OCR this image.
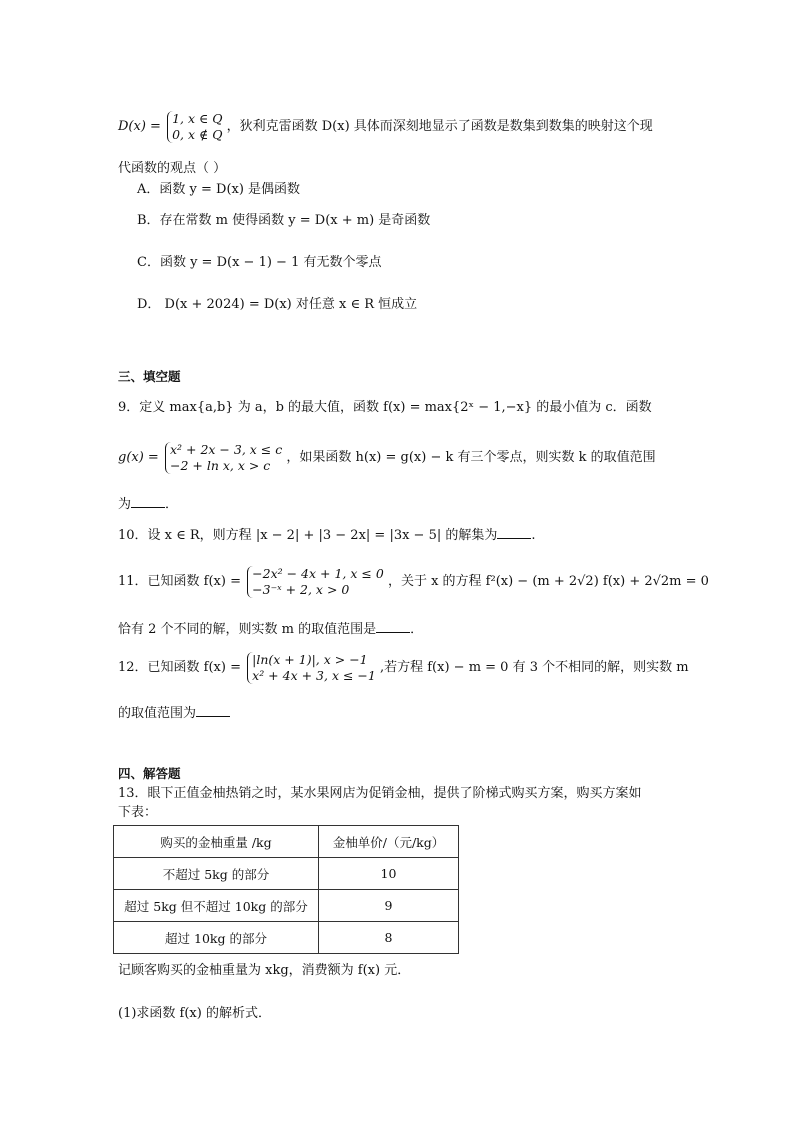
D(x) =
1, x ∈ Q
0, x ∉ Q ，狄利克雷函数 D(x) 具体而深刻地显示了函数是数集到数集的映射这个现
代函数的观点（ ）
A．函数 y = D(x) 是偶函数
B．存在常数 m 使得函数 y = D(x + m) 是奇函数
C．函数 y = D(x − 1) − 1 有无数个零点
D． D(x + 2024) = D(x) 对任意 x ∈ R 恒成立
三、填空题
9．定义 max{a,b} 为 a，b 的最大值，函数 f(x) = max{2ˣ − 1,−x} 的最小值为 c．函数
g(x) =
x² + 2x − 3, x ≤ c
−2 + ln x, x > c	，如果函数 h(x) = g(x) − k 有三个零点，则实数 k 的取值范围
为	．
10．设 x ∈ R，则方程 |x − 2| + |3 − 2x| = |3x − 5| 的解集为	.
11．已知函数 f(x) =
−2x² − 4x + 1, x ≤ 0
−3⁻ˣ + 2, x > 0	，关于 x 的方程 f²(x) − (m + 2√2) f(x) + 2√2m = 0
恰有 2 个不同的解，则实数 m 的取值范围是	．
12．已知函数 f(x) =
|ln(x + 1)|, x > −1
x² + 4x + 3, x ≤ −1 ,若方程 f(x) − m = 0 有 3 个不相同的解，则实数 m
的取值范围为
四、解答题
13．眼下正值金柚热销之时，某水果网店为促销金柚，提供了阶梯式购买方案，购买方案如
下表：
购买的金柚重量 /kg	金柚单价/（元/kg）
不超过 5kg 的部分	10
超过 5kg 但不超过 10kg 的部分	9
超过 10kg 的部分	8
记顾客购买的金柚重量为 xkg，消费额为 f(x) 元．
(1)求函数 f(x) 的解析式．
